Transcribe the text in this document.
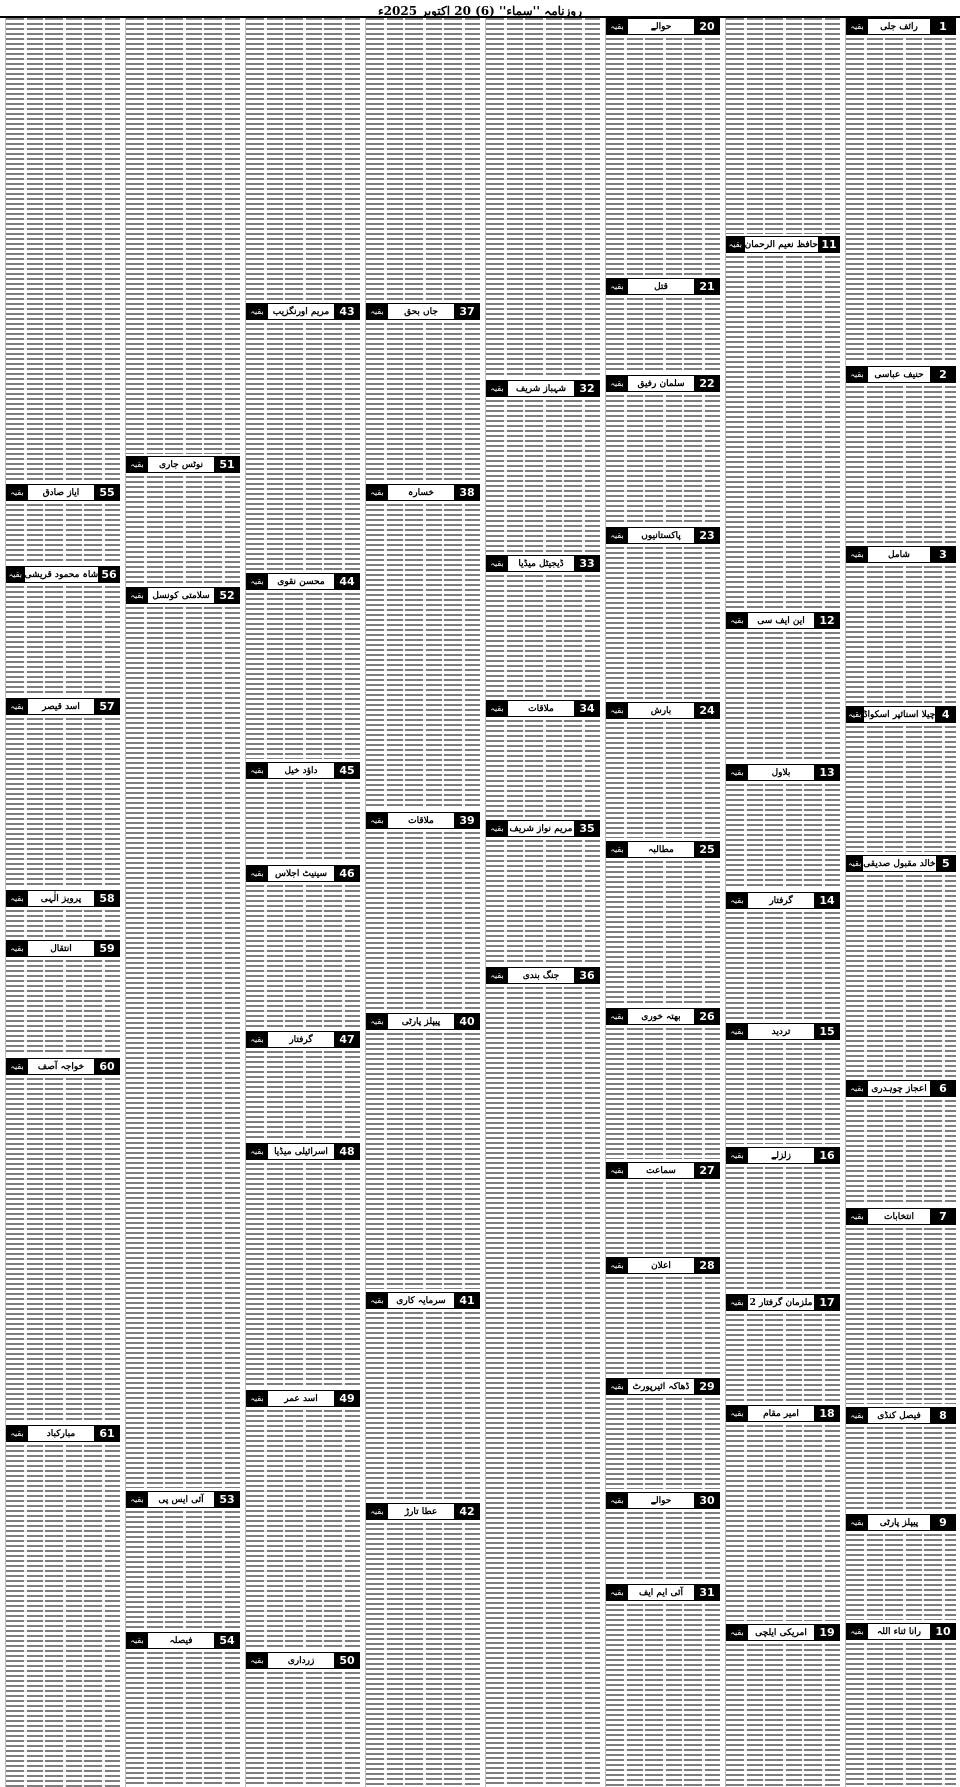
روزنامہ ''سماء'' (6) 20 اکتوبر 2025ء
بقیہ	رائف جلی	1
بقیہ	حنیف عباسی	2
بقیہ	شامل	3
بقیہ چیلا اسنائپر اسکواڈ 4
بقیہ خالد مقبول صدیقی 5
بقیہ اعجاز چوہدری	6
بقیہ	انتخابات	7
بقیہ	فیصل کنڈی	8
بقیہ	پیپلز پارٹی	9
بقیہ	رانا ثناء اللہ	10
بقیہ حافظ نعیم الرحمان 11
بقیہ	این ایف سی	12
بقیہ	بلاول	13
بقیہ	گرفتار	14
بقیہ	تردید	15
بقیہ	زلزلے	16
بقیہ 2 ملزمان گرفتار 17
بقیہ	امیر مقام	18
بقیہ	امریکی ایلچی	19
بقیہ	حوالے	20
بقیہ	قتل	21
بقیہ	سلمان رفیق	22
بقیہ	پاکستانیوں	23
بقیہ	بارش	24
بقیہ	مطالبہ	25
بقیہ	بھتہ خوری	26
بقیہ	سماعت	27
بقیہ	اعلان	28
بقیہ ڈھاکہ ائیرپورٹ 29
بقیہ	حوالے	30
بقیہ	آئی ایم ایف	31
بقیہ	شہباز شریف	32
بقیہ	ڈیجیٹل میڈیا	33
بقیہ	ملاقات	34
بقیہ مریم نواز شریف 35
بقیہ	جنگ بندی	36
بقیہ	جاں بحق	37
بقیہ	خسارہ	38
بقیہ	ملاقات	39
بقیہ	پیپلز پارٹی	40
بقیہ	سرمایہ کاری	41
بقیہ	عطا تارڑ	42
بقیہ	مریم اورنگزیب 43
بقیہ	محسن نقوی	44
بقیہ	داؤد خیل	45
بقیہ	سینیٹ اجلاس	46
بقیہ	گرفتار	47
بقیہ	اسرائیلی میڈیا	48
بقیہ	اسد عمر	49
بقیہ	زرداری	50
بقیہ	نوٹس جاری	51
بقیہ سلامتی کونسل 52
بقیہ	آئی ایس پی	53
بقیہ	فیصلہ	54
بقیہ	ایاز صادق	55
بقیہ شاہ محمود قریشی 56
بقیہ	اسد قیصر	57
بقیہ	پرویز الٰہی	58
بقیہ	انتقال	59
بقیہ	خواجہ آصف	60
بقیہ	مبارکباد	61
